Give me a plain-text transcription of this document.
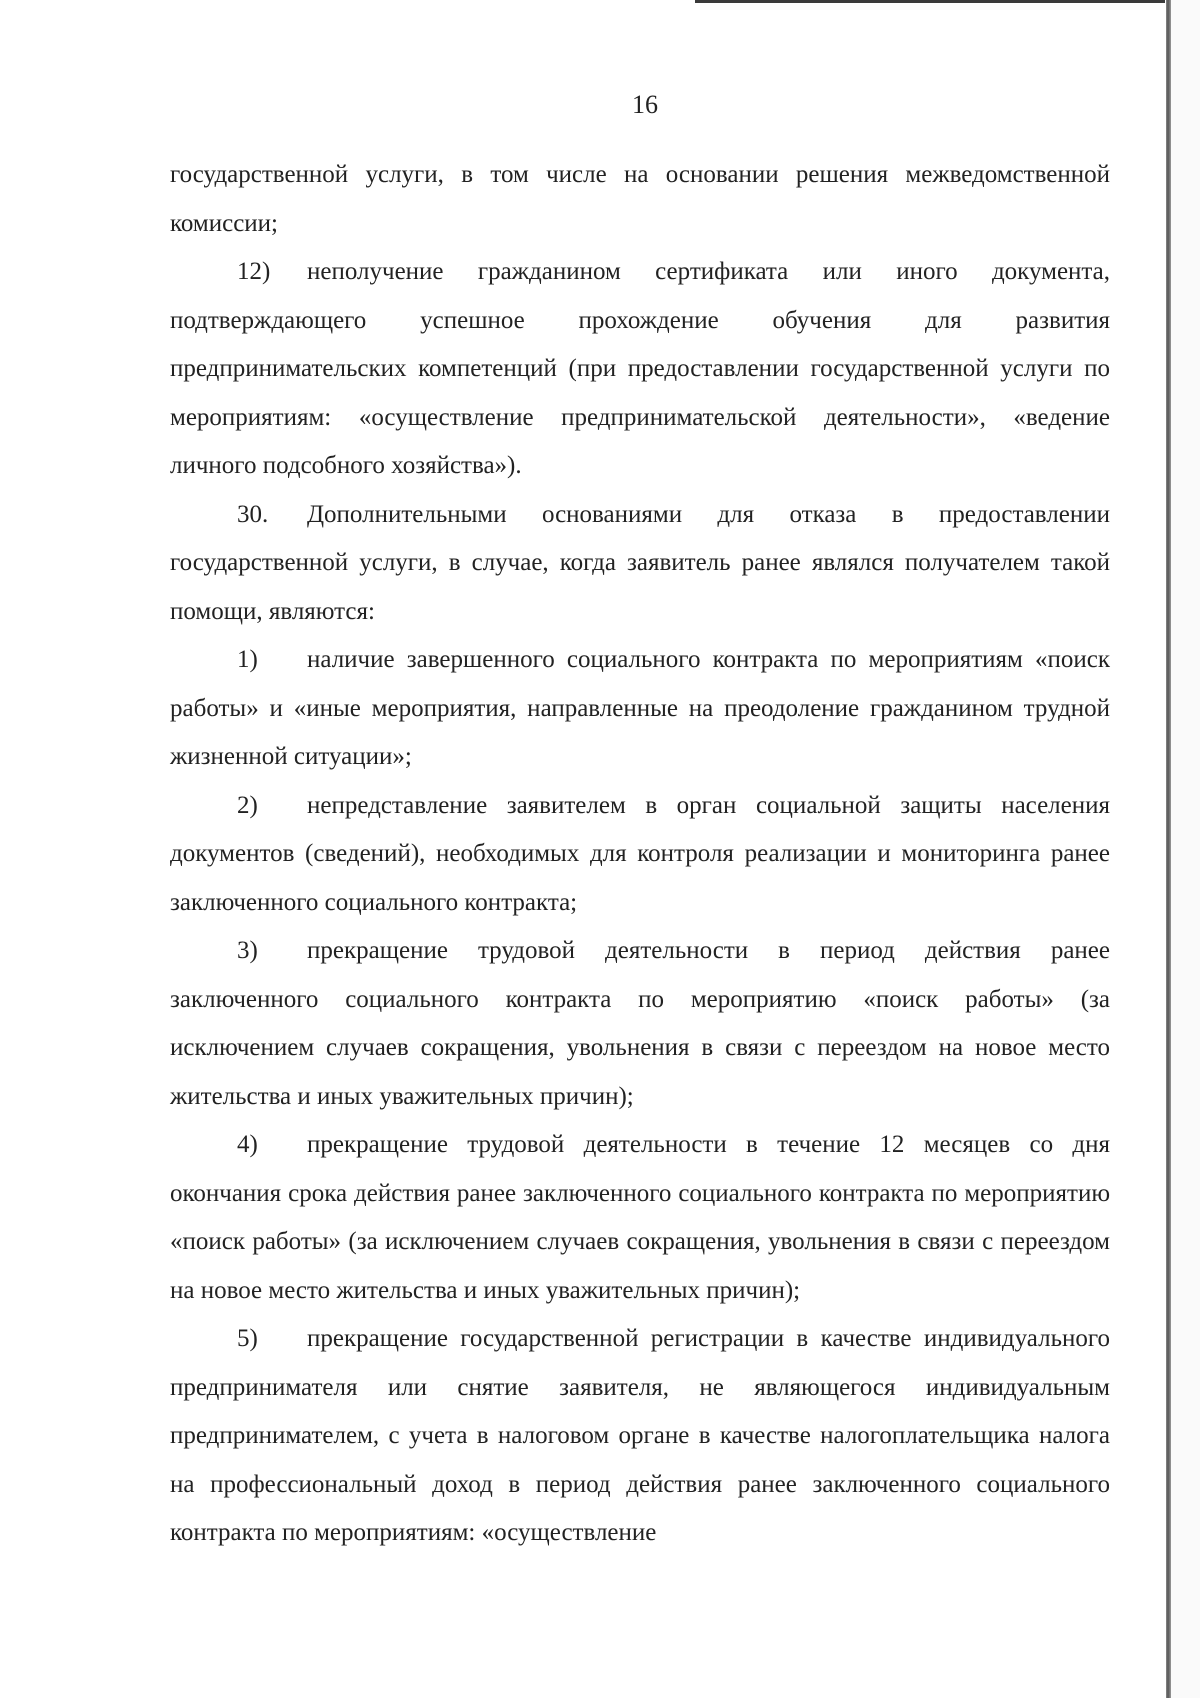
16

государственной услуги, в том числе на основании решения межведомственной комиссии;

12) неполучение гражданином сертификата или иного документа, подтверждающего успешное прохождение обучения для развития предпринимательских компетенций (при предоставлении государственной услуги по мероприятиям: «осуществление предпринимательской деятельности», «ведение личного подсобного хозяйства»).

30. Дополнительными основаниями для отказа в предоставлении государственной услуги, в случае, когда заявитель ранее являлся получателем такой помощи, являются:

1) наличие завершенного социального контракта по мероприятиям «поиск работы» и «иные мероприятия, направленные на преодоление гражданином трудной жизненной ситуации»;

2) непредставление заявителем в орган социальной защиты населения документов (сведений), необходимых для контроля реализации и мониторинга ранее заключенного социального контракта;

3) прекращение трудовой деятельности в период действия ранее заключенного социального контракта по мероприятию «поиск работы» (за исключением случаев сокращения, увольнения в связи с переездом на новое место жительства и иных уважительных причин);

4) прекращение трудовой деятельности в течение 12 месяцев со дня окончания срока действия ранее заключенного социального контракта по мероприятию «поиск работы» (за исключением случаев сокращения, увольнения в связи с переездом на новое место жительства и иных уважительных причин);

5) прекращение государственной регистрации в качестве индивидуального предпринимателя или снятие заявителя, не являющегося индивидуальным предпринимателем, с учета в налоговом органе в качестве налогоплательщика налога на профессиональный доход в период действия ранее заключенного социального контракта по мероприятиям: «осуществление
